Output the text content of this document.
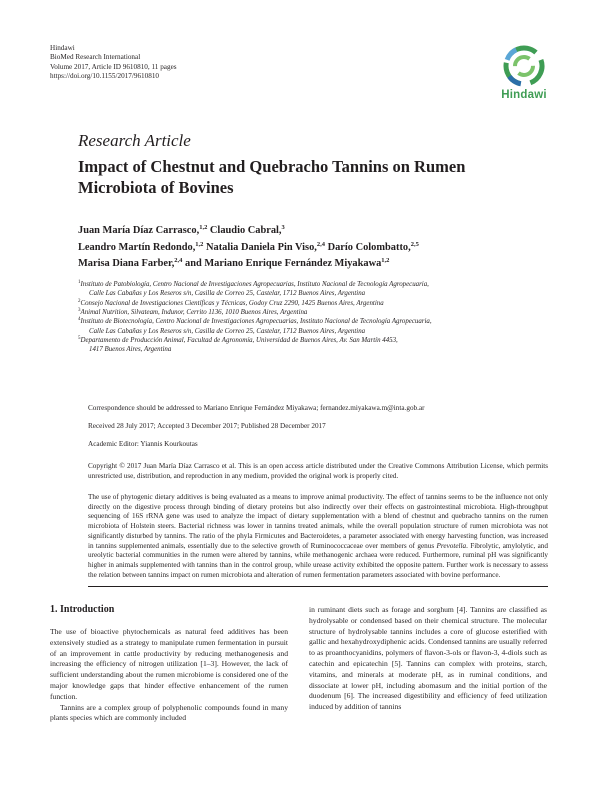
Hindawi
BioMed Research International
Volume 2017, Article ID 9610810, 11 pages
https://doi.org/10.1155/2017/9610810
Hindawi
Research Article
Impact of Chestnut and Quebracho Tannins on Rumen Microbiota of Bovines
Juan María Díaz Carrasco,$^{1,2}$ Claudio Cabral,$^3$
Leandro Martín Redondo,$^{1,2}$ Natalia Daniela Pin Viso,$^{2,4}$ Darío Colombatto,$^{2,5}$
Marisa Diana Farber,$^{2,4}$ and Mariano Enrique Fernández Miyakawa$^{1,2}$
$^1$Instituto de Patobiología, Centro Nacional de Investigaciones Agropecuarias, Instituto Nacional de Tecnología Agropecuaria,
Calle Las Cabañas y Los Reseros s/n, Casilla de Correo 25, Castelar, 1712 Buenos Aires, Argentina
$^2$Consejo Nacional de Investigaciones Científicas y Técnicas, Godoy Cruz 2290, 1425 Buenos Aires, Argentina
$^3$Animal Nutrition, Silvateam, Indunor, Cerrito 1136, 1010 Buenos Aires, Argentina
$^4$Instituto de Biotecnología, Centro Nacional de Investigaciones Agropecuarias, Instituto Nacional de Tecnología Agropecuaria,
Calle Las Cabañas y Los Reseros s/n, Casilla de Correo 25, Castelar, 1712 Buenos Aires, Argentina
$^5$Departamento de Producción Animal, Facultad de Agronomía, Universidad de Buenos Aires, Av. San Martín 4453,
1417 Buenos Aires, Argentina
Correspondence should be addressed to Mariano Enrique Fernández Miyakawa; fernandez.miyakawa.m@inta.gob.ar
Received 28 July 2017; Accepted 3 December 2017; Published 28 December 2017
Academic Editor: Yiannis Kourkoutas
Copyright © 2017 Juan María Díaz Carrasco et al. This is an open access article distributed under the Creative Commons Attribution License, which permits unrestricted use, distribution, and reproduction in any medium, provided the original work is properly cited.
The use of phytogenic dietary additives is being evaluated as a means to improve animal productivity. The effect of tannins seems to be the influence not only directly on the digestive process through binding of dietary proteins but also indirectly over their effects on gastrointestinal microbiota. High-throughput sequencing of 16S rRNA gene was used to analyze the impact of dietary supplementation with a blend of chestnut and quebracho tannins on the rumen microbiota of Holstein steers. Bacterial richness was lower in tannins treated animals, while the overall population structure of rumen microbiota was not significantly disturbed by tannins. The ratio of the phyla Firmicutes and Bacteroidetes, a parameter associated with energy harvesting function, was increased in tannins supplemented animals, essentially due to the selective growth of Ruminococcaceae over members of genus Prevotella. Fibrolytic, amylolytic, and ureolytic bacterial communities in the rumen were altered by tannins, while methanogenic archaea were reduced. Furthermore, ruminal pH was significantly higher in animals supplemented with tannins than in the control group, while urease activity exhibited the opposite pattern. Further work is necessary to assess the relation between tannins impact on rumen microbiota and alteration of rumen fermentation parameters associated with bovine performance.
1. Introduction

The use of bioactive phytochemicals as natural feed additives has been extensively studied as a strategy to manipulate rumen fermentation in pursuit of an improvement in cattle productivity by reducing methanogenesis and increasing the efficiency of nitrogen utilization [1–3]. However, the lack of sufficient understanding about the rumen microbiome is considered one of the major knowledge gaps that hinder effective enhancement of the rumen function.

Tannins are a complex group of polyphenolic compounds found in many plants species which are commonly included

in ruminant diets such as forage and sorghum [4]. Tannins are classified as hydrolysable or condensed based on their chemical structure. The molecular structure of hydrolysable tannins includes a core of glucose esterified with gallic and hexahydroxydiphenic acids. Condensed tannins are usually referred to as proanthocyanidins, polymers of flavon-3-ols or flavon-3, 4-diols such as catechin and epicatechin [5]. Tannins can complex with proteins, starch, vitamins, and minerals at moderate pH, as in ruminal conditions, and dissociate at lower pH, including abomasum and the initial portion of the duodenum [6]. The increased digestibility and efficiency of feed utilization induced by addition of tannins
